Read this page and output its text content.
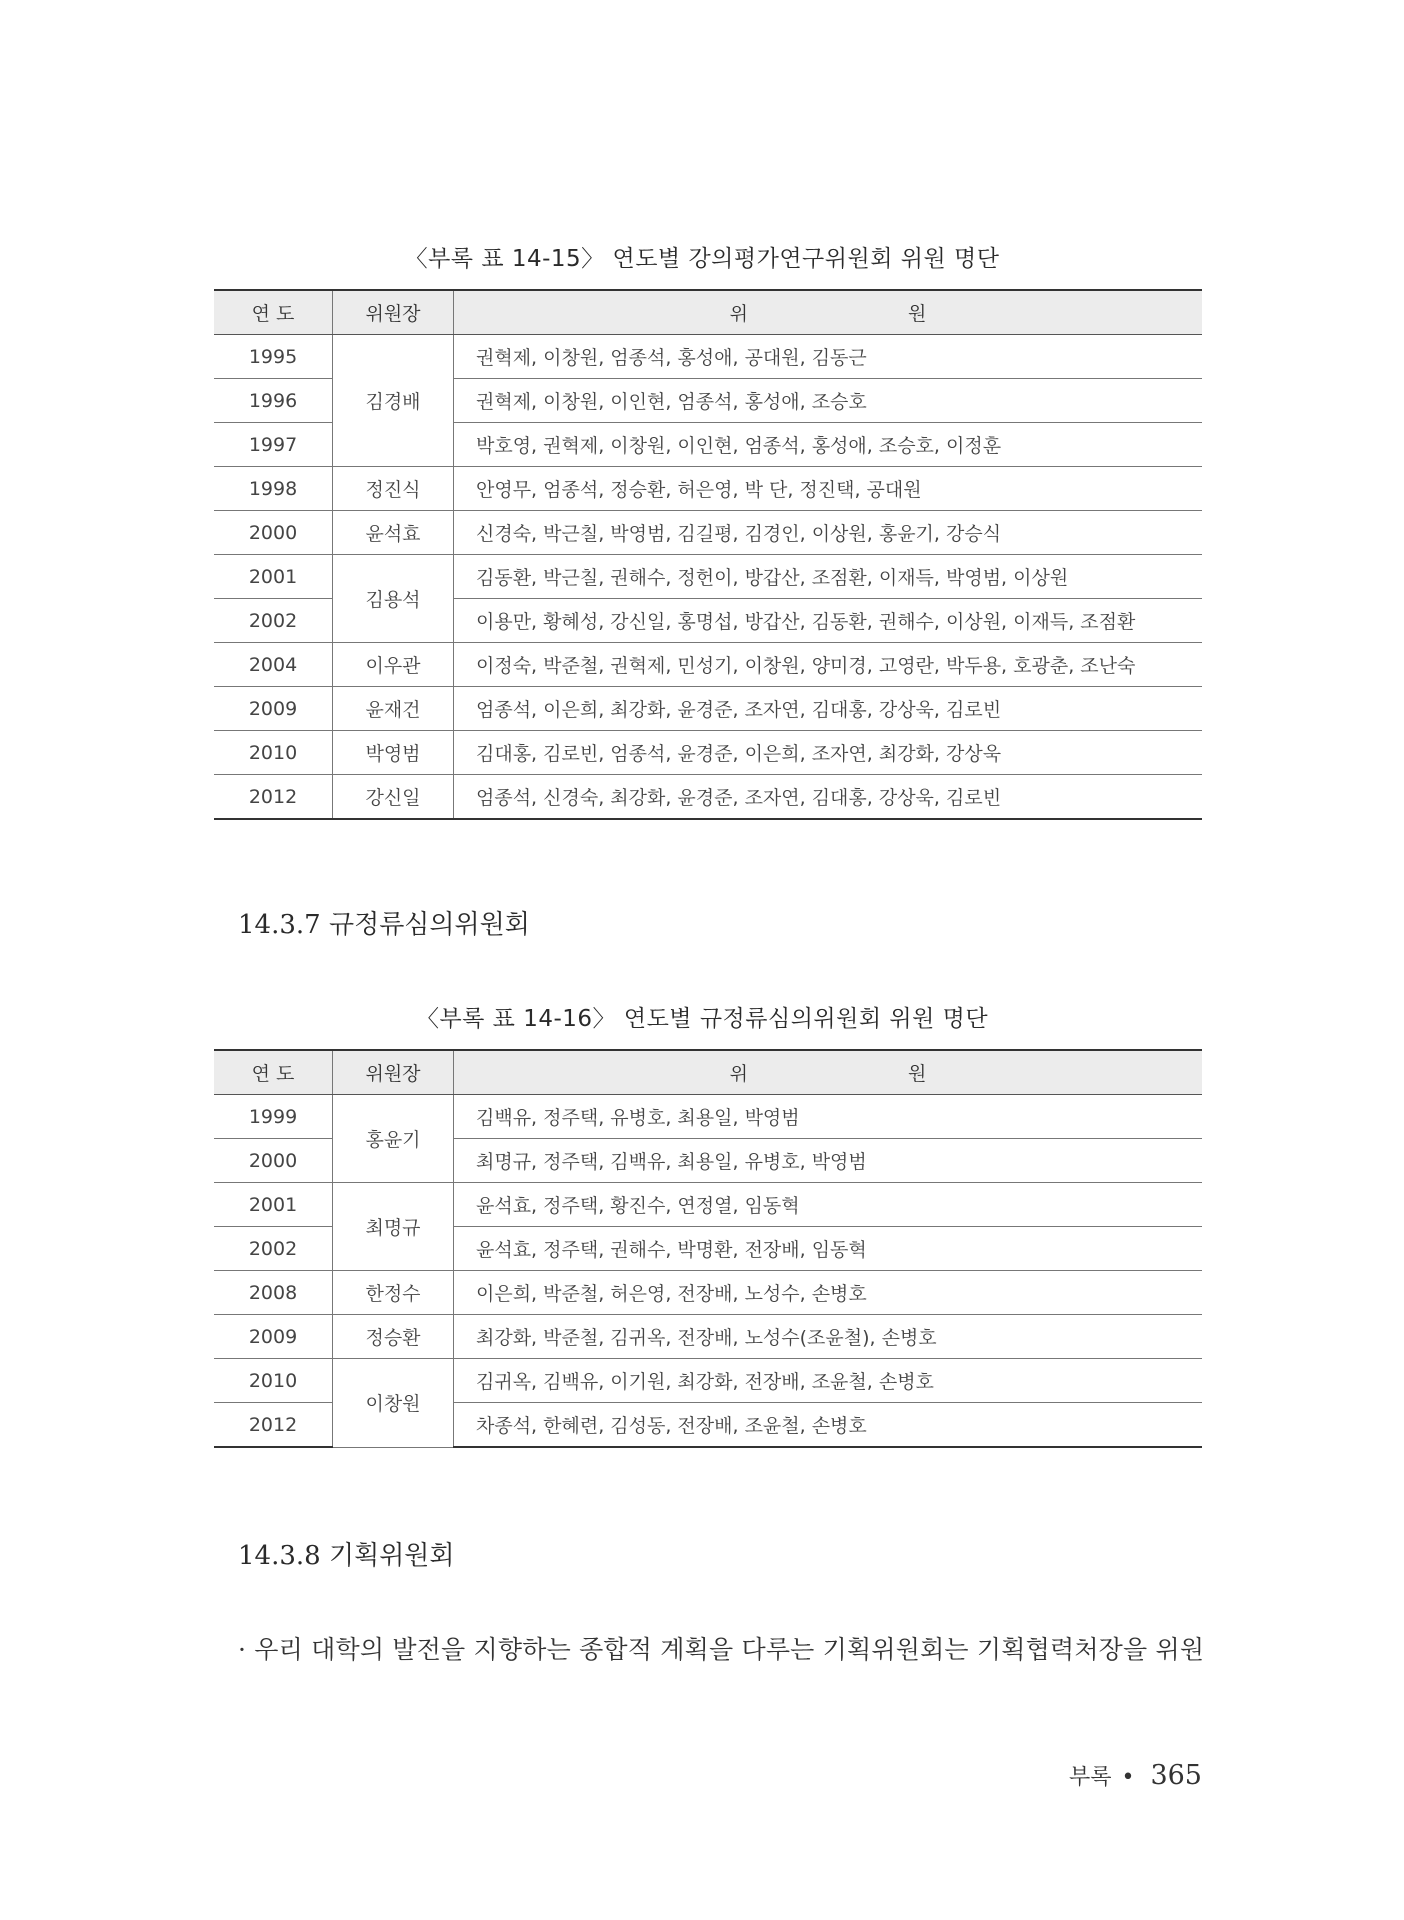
〈부록 표 14-15〉 연도별 강의평가연구위원회 위원 명단
연 도	위원장	위 원
1995	김경배	권혁제, 이창원, 엄종석, 홍성애, 공대원, 김동근
1996		권혁제, 이창원, 이인현, 엄종석, 홍성애, 조승호
1997		박호영, 권혁제, 이창원, 이인현, 엄종석, 홍성애, 조승호, 이정훈
1998	정진식	안영무, 엄종석, 정승환, 허은영, 박 단, 정진택, 공대원
2000	윤석효	신경숙, 박근칠, 박영범, 김길평, 김경인, 이상원, 홍윤기, 강승식
2001	김용석	김동환, 박근칠, 권해수, 정헌이, 방갑산, 조점환, 이재득, 박영범, 이상원
2002		이용만, 황혜성, 강신일, 홍명섭, 방갑산, 김동환, 권해수, 이상원, 이재득, 조점환
2004	이우관	이정숙, 박준철, 권혁제, 민성기, 이창원, 양미경, 고영란, 박두용, 호광춘, 조난숙
2009	윤재건	엄종석, 이은희, 최강화, 윤경준, 조자연, 김대홍, 강상욱, 김로빈
2010	박영범	김대홍, 김로빈, 엄종석, 윤경준, 이은희, 조자연, 최강화, 강상욱
2012	강신일	엄종석, 신경숙, 최강화, 윤경준, 조자연, 김대홍, 강상욱, 김로빈
14.3.7 규정류심의위원회
〈부록 표 14-16〉 연도별 규정류심의위원회 위원 명단
연 도	위원장	위 원
1999	홍윤기	김백유, 정주택, 유병호, 최용일, 박영범
2000		최명규, 정주택, 김백유, 최용일, 유병호, 박영범
2001	최명규	윤석효, 정주택, 황진수, 연정열, 임동혁
2002		윤석효, 정주택, 권해수, 박명환, 전장배, 임동혁
2008	한정수	이은희, 박준철, 허은영, 전장배, 노성수, 손병호
2009	정승환	최강화, 박준철, 김귀옥, 전장배, 노성수(조윤철), 손병호
2010	이창원	김귀옥, 김백유, 이기원, 최강화, 전장배, 조윤철, 손병호
2012		차종석, 한혜련, 김성동, 전장배, 조윤철, 손병호
14.3.8 기획위원회
· 우리 대학의 발전을 지향하는 종합적 계획을 다루는 기획위원회는 기획협력처장을 위원
부록 • 365
